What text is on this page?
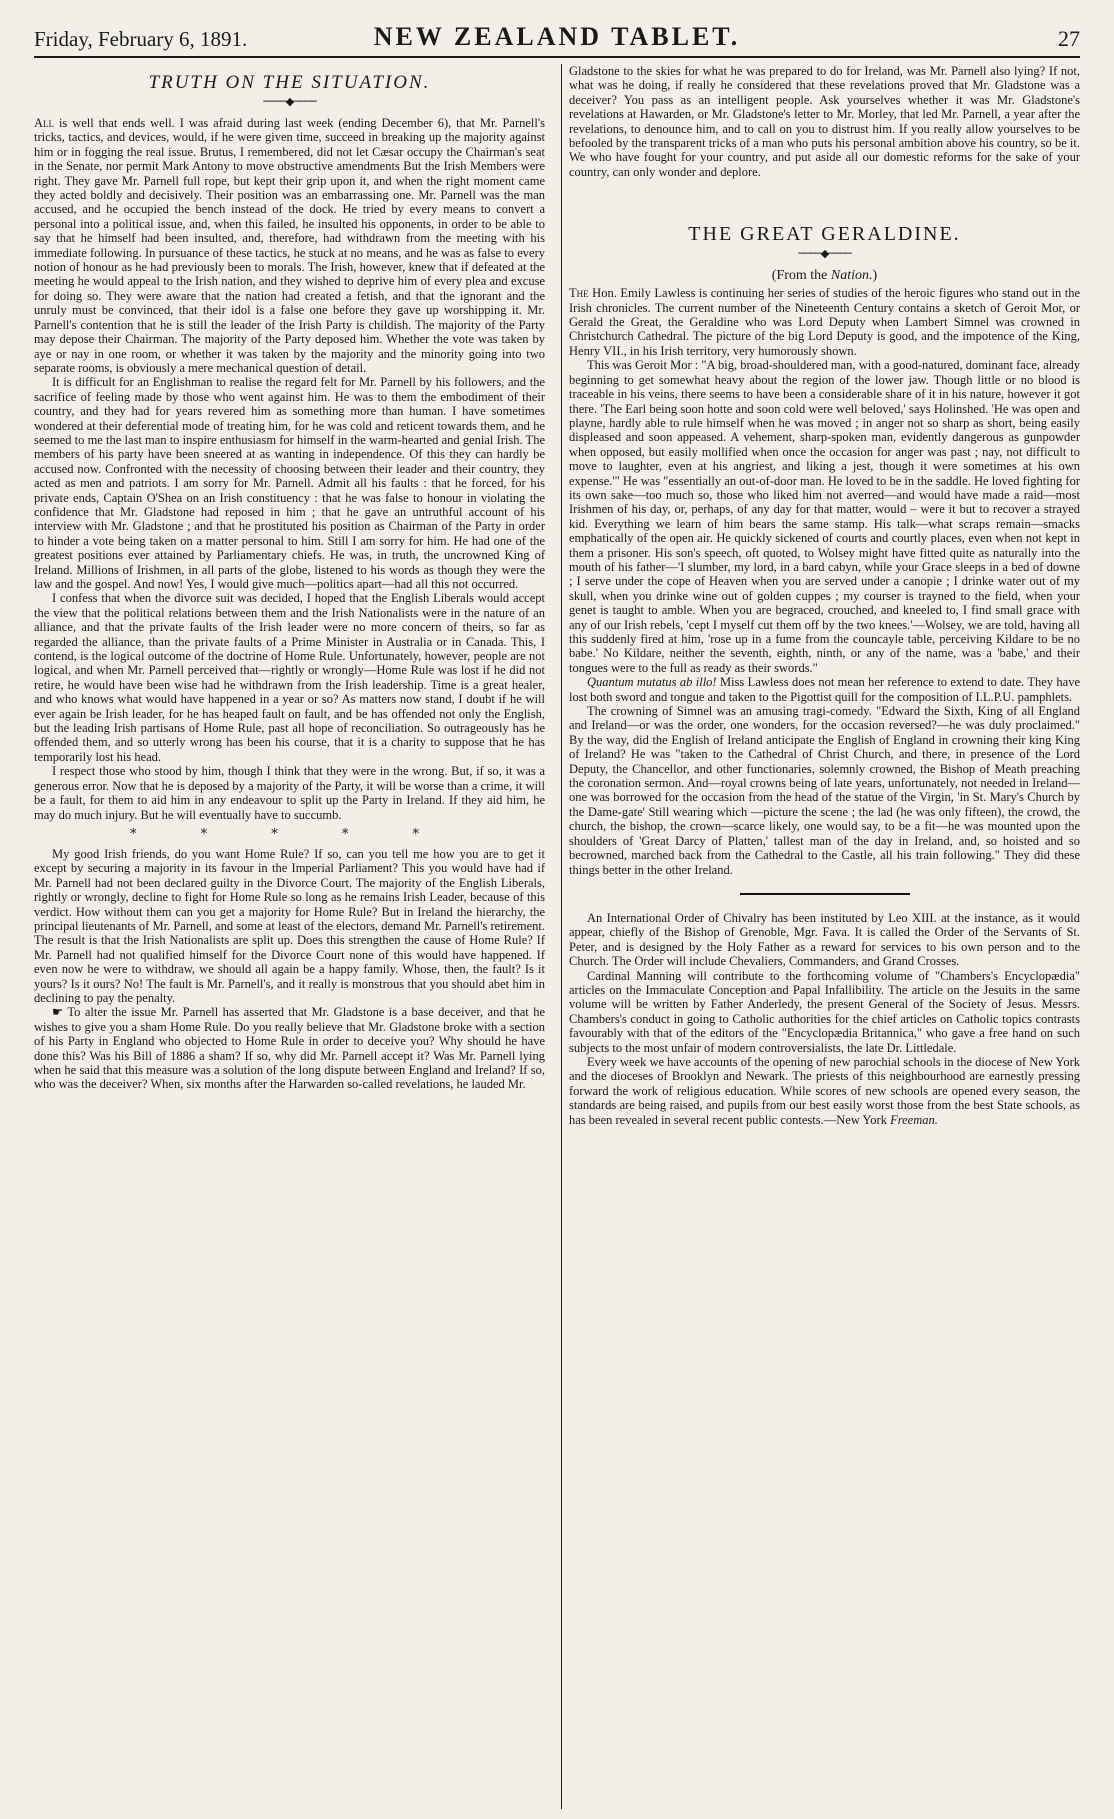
Friday, February 6, 1891.	NEW ZEALAND TABLET.	27
TRUTH ON THE SITUATION.
────◆────

All is well that ends well. I was afraid during last week (ending December 6), that Mr. Parnell's tricks, tactics, and devices, would, if he were given time, succeed in breaking up the majority against him or in fogging the real issue. Brutus, I remembered, did not let Cæsar occupy the Chairman's seat in the Senate, nor permit Mark Antony to move obstructive amendments But the Irish Members were right. They gave Mr. Parnell full rope, but kept their grip upon it, and when the right moment came they acted boldly and decisively. Their position was an embarrassing one. Mr. Parnell was the man accused, and he occupied the bench instead of the dock. He tried by every means to convert a personal into a political issue, and, when this failed, he insulted his opponents, in order to be able to say that he himself had been insulted, and, therefore, had withdrawn from the meeting with his immediate following. In pursuance of these tactics, he stuck at no means, and he was as false to every notion of honour as he had previously been to morals. The Irish, however, knew that if defeated at the meeting he would appeal to the Irish nation, and they wished to deprive him of every plea and excuse for doing so. They were aware that the nation had created a fetish, and that the ignorant and the unruly must be convinced, that their idol is a false one before they gave up worshipping it. Mr. Parnell's contention that he is still the leader of the Irish Party is childish. The majority of the Party may depose their Chairman. The majority of the Party deposed him. Whether the vote was taken by aye or nay in one room, or whether it was taken by the majority and the minority going into two separate rooms, is obviously a mere mechanical question of detail.

It is difficult for an Englishman to realise the regard felt for Mr. Parnell by his followers, and the sacrifice of feeling made by those who went against him. He was to them the embodiment of their country, and they had for years revered him as something more than human. I have sometimes wondered at their deferential mode of treating him, for he was cold and reticent towards them, and he seemed to me the last man to inspire enthusiasm for himself in the warm-hearted and genial Irish. The members of his party have been sneered at as wanting in independence. Of this they can hardly be accused now. Confronted with the necessity of choosing between their leader and their country, they acted as men and patriots. I am sorry for Mr. Parnell. Admit all his faults : that he forced, for his private ends, Captain O'Shea on an Irish constituency : that he was false to honour in violating the confidence that Mr. Gladstone had reposed in him ; that he gave an untruthful account of his interview with Mr. Gladstone ; and that he prostituted his position as Chairman of the Party in order to hinder a vote being taken on a matter personal to him. Still I am sorry for him. He had one of the greatest positions ever attained by Parliamentary chiefs. He was, in truth, the uncrowned King of Ireland. Millions of Irishmen, in all parts of the globe, listened to his words as though they were the law and the gospel. And now! Yes, I would give much—politics apart—had all this not occurred.

I confess that when the divorce suit was decided, I hoped that the English Liberals would accept the view that the political relations between them and the Irish Nationalists were in the nature of an alliance, and that the private faults of the Irish leader were no more concern of theirs, so far as regarded the alliance, than the private faults of a Prime Minister in Australia or in Canada. This, I contend, is the logical outcome of the doctrine of Home Rule. Unfortunately, however, people are not logical, and when Mr. Parnell perceived that—rightly or wrongly—Home Rule was lost if he did not retire, he would have been wise had he withdrawn from the Irish leadership. Time is a great healer, and who knows what would have happened in a year or so? As matters now stand, I doubt if he will ever again be Irish leader, for he has heaped fault on fault, and be has offended not only the English, but the leading Irish partisans of Home Rule, past all hope of reconciliation. So outrageously has he offended them, and so utterly wrong has been his course, that it is a charity to suppose that he has temporarily lost his head.

I respect those who stood by him, though I think that they were in the wrong. But, if so, it was a generous error. Now that he is deposed by a majority of the Party, it will be worse than a crime, it will be a fault, for them to aid him in any endeavour to split up the Party in Ireland. If they aid him, he may do much injury. But he will eventually have to succumb.

* * * * *

My good Irish friends, do you want Home Rule? If so, can you tell me how you are to get it except by securing a majority in its favour in the Imperial Parliament? This you would have had if Mr. Parnell had not been declared guilty in the Divorce Court. The majority of the English Liberals, rightly or wrongly, decline to fight for Home Rule so long as he remains Irish Leader, because of this verdict. How without them can you get a majority for Home Rule? But in Ireland the hierarchy, the principal lieutenants of Mr. Parnell, and some at least of the electors, demand Mr. Parnell's retirement. The result is that the Irish Nationalists are split up. Does this strengthen the cause of Home Rule? If Mr. Parnell had not qualified himself for the Divorce Court none of this would have happened. If even now he were to withdraw, we should all again be a happy family. Whose, then, the fault? Is it yours? Is it ours? No! The fault is Mr. Parnell's, and it really is monstrous that you should abet him in declining to pay the penalty.

☛ To alter the issue Mr. Parnell has asserted that Mr. Gladstone is a base deceiver, and that he wishes to give you a sham Home Rule. Do you really believe that Mr. Gladstone broke with a section of his Party in England who objected to Home Rule in order to deceive you? Why should he have done this? Was his Bill of 1886 a sham? If so, why did Mr. Parnell accept it? Was Mr. Parnell lying when he said that this measure was a solution of the long dispute between England and Ireland? If so, who was the deceiver? When, six months after the Harwarden so-called revelations, he lauded Mr.

Gladstone to the skies for what he was prepared to do for Ireland, was Mr. Parnell also lying? If not, what was he doing, if really he considered that these revelations proved that Mr. Gladstone was a deceiver? You pass as an intelligent people. Ask yourselves whether it was Mr. Gladstone's revelations at Hawarden, or Mr. Gladstone's letter to Mr. Morley, that led Mr. Parnell, a year after the revelations, to denounce him, and to call on you to distrust him. If you really allow yourselves to be befooled by the transparent tricks of a man who puts his personal ambition above his country, so be it. We who have fought for your country, and put aside all our domestic reforms for the sake of your country, can only wonder and deplore.

THE GREAT GERALDINE.
────◆────
(From the Nation.)

The Hon. Emily Lawless is continuing her series of studies of the heroic figures who stand out in the Irish chronicles. The current number of the Nineteenth Century contains a sketch of Geroit Mor, or Gerald the Great, the Geraldine who was Lord Deputy when Lambert Simnel was crowned in Christchurch Cathedral. The picture of the big Lord Deputy is good, and the impotence of the King, Henry VII., in his Irish territory, very humorously shown.

This was Geroit Mor : "A big, broad-shouldered man, with a good-natured, dominant face, already beginning to get somewhat heavy about the region of the lower jaw. Though little or no blood is traceable in his veins, there seems to have been a considerable share of it in his nature, however it got there. 'The Earl being soon hotte and soon cold were well beloved,' says Holinshed. 'He was open and playne, hardly able to rule himself when he was moved ; in anger not so sharp as short, being easily displeased and soon appeased. A vehement, sharp-spoken man, evidently dangerous as gunpowder when opposed, but easily mollified when once the occasion for anger was past ; nay, not difficult to move to laughter, even at his angriest, and liking a jest, though it were sometimes at his own expense.'" He was "essentially an out-of-door man. He loved to be in the saddle. He loved fighting for its own sake—too much so, those who liked him not averred—and would have made a raid—most Irishmen of his day, or, perhaps, of any day for that matter, would – were it but to recover a strayed kid. Everything we learn of him bears the same stamp. His talk—what scraps remain—smacks emphatically of the open air. He quickly sickened of courts and courtly places, even when not kept in them a prisoner. His son's speech, oft quoted, to Wolsey might have fitted quite as naturally into the mouth of his father—'I slumber, my lord, in a bard cabyn, while your Grace sleeps in a bed of downe ; I serve under the cope of Heaven when you are served under a canopie ; I drinke water out of my skull, when you drinke wine out of golden cuppes ; my courser is trayned to the field, when your genet is taught to amble. When you are begraced, crouched, and kneeled to, I find small grace with any of our Irish rebels, 'cept I myself cut them off by the two knees.'—Wolsey, we are told, having all this suddenly fired at him, 'rose up in a fume from the councayle table, perceiving Kildare to be no babe.' No Kildare, neither the seventh, eighth, ninth, or any of the name, was a 'babe,' and their tongues were to the full as ready as their swords."

Quantum mutatus ab illo! Miss Lawless does not mean her reference to extend to date. They have lost both sword and tongue and taken to the Pigottist quill for the composition of I.L.P.U. pamphlets.

The crowning of Simnel was an amusing tragi-comedy. "Edward the Sixth, King of all England and Ireland—or was the order, one wonders, for the occasion reversed?—he was duly proclaimed." By the way, did the English of Ireland anticipate the English of England in crowning their king King of Ireland? He was "taken to the Cathedral of Christ Church, and there, in presence of the Lord Deputy, the Chancellor, and other functionaries, solemnly crowned, the Bishop of Meath preaching the coronation sermon. And—royal crowns being of late years, unfortunately, not needed in Ireland—one was borrowed for the occasion from the head of the statue of the Virgin, 'in St. Mary's Church by the Dame-gate' Still wearing which —picture the scene ; the lad (he was only fifteen), the crowd, the church, the bishop, the crown—scarce likely, one would say, to be a fit—he was mounted upon the shoulders of 'Great Darcy of Platten,' tallest man of the day in Ireland, and, so hoisted and so becrowned, marched back from the Cathedral to the Castle, all his train following." They did these things better in the other Ireland.

An International Order of Chivalry has been instituted by Leo XIII. at the instance, as it would appear, chiefly of the Bishop of Grenoble, Mgr. Fava. It is called the Order of the Servants of St. Peter, and is designed by the Holy Father as a reward for services to his own person and to the Church. The Order will include Chevaliers, Commanders, and Grand Crosses.

Cardinal Manning will contribute to the forthcoming volume of "Chambers's Encyclopædia" articles on the Immaculate Conception and Papal Infallibility. The article on the Jesuits in the same volume will be written by Father Anderledy, the present General of the Society of Jesus. Messrs. Chambers's conduct in going to Catholic authorities for the chief articles on Catholic topics contrasts favourably with that of the editors of the "Encyclopædia Britannica," who gave a free hand on such subjects to the most unfair of modern controversialists, the late Dr. Littledale.

Every week we have accounts of the opening of new parochial schools in the diocese of New York and the dioceses of Brooklyn and Newark. The priests of this neighbourhood are earnestly pressing forward the work of religious education. While scores of new schools are opened every season, the standards are being raised, and pupils from our best easily worst those from the best State schools, as has been revealed in several recent public contests.—New York Freeman.
